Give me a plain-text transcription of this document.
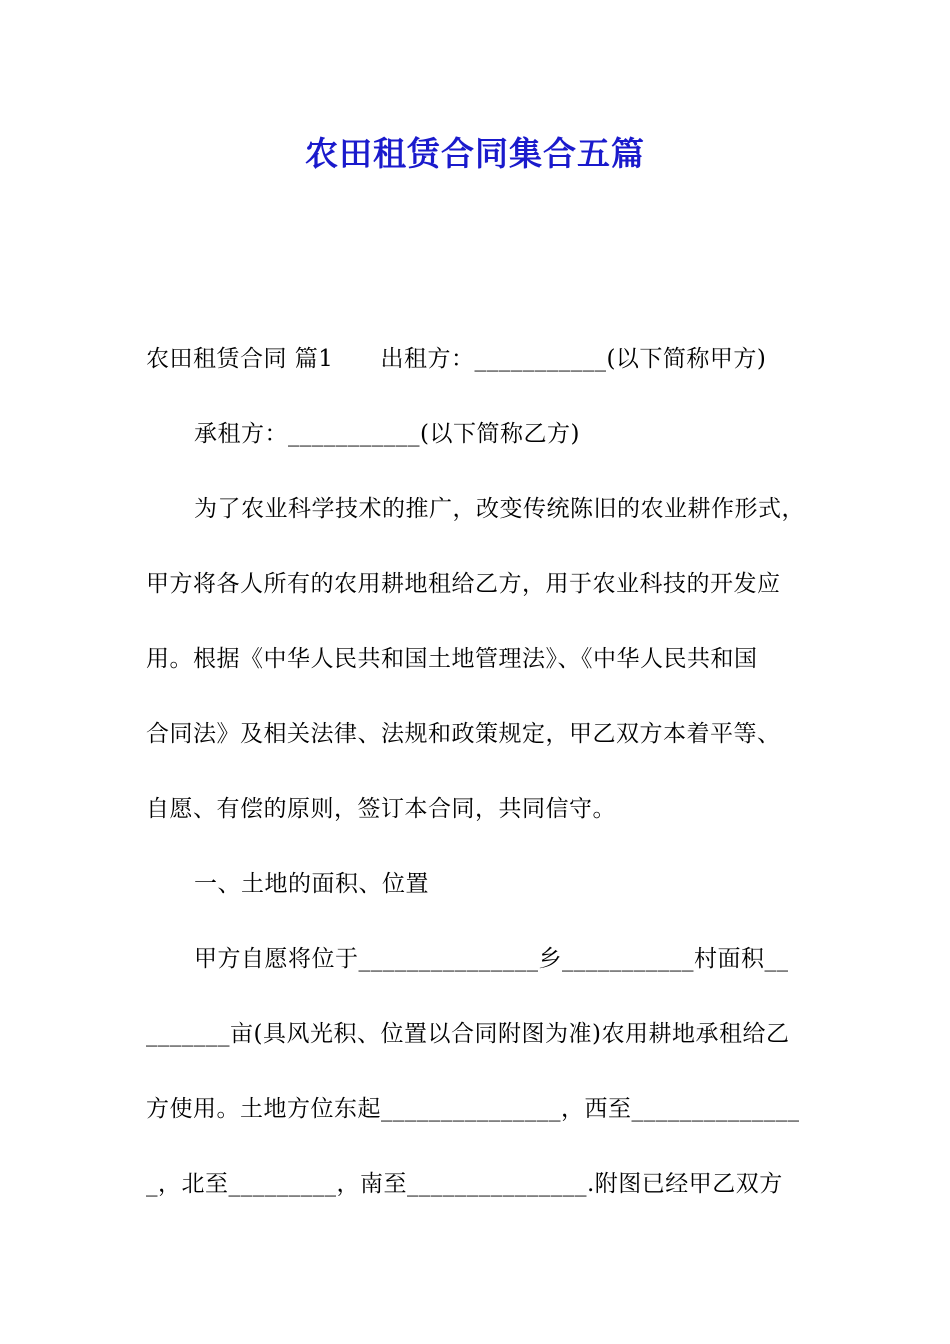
农田租赁合同集合五篇
农田租赁合同 篇1　　出租方：___________(以下简称甲方)
承租方：___________(以下简称乙方)
为了农业科学技术的推广，改变传统陈旧的农业耕作形式，
甲方将各人所有的农用耕地租给乙方，用于农业科技的开发应
用。根据《中华人民共和国土地管理法》、《中华人民共和国
合同法》及相关法律、法规和政策规定，甲乙双方本着平等、
自愿、有偿的原则，签订本合同，共同信守。
一、土地的面积、位置
甲方自愿将位于_______________乡___________村面积__
_______亩(具风光积、位置以合同附图为准)农用耕地承租给乙
方使用。土地方位东起_______________，西至______________
_，北至_________，南至_______________.附图已经甲乙双方
